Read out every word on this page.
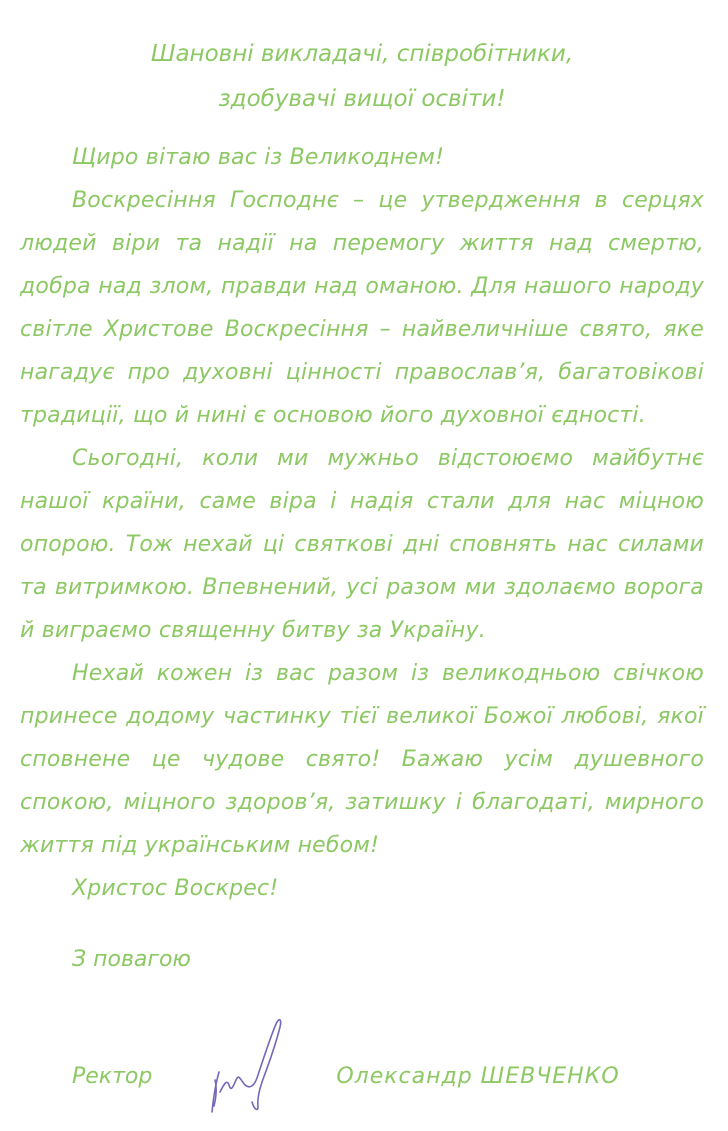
Шановні викладачі, співробітники,
здобувачі вищої освіти!

Щиро вітаю вас із Великоднем!

Воскресіння Господнє – це утвердження в серцях людей віри та надії на перемогу життя над смертю, добра над злом, правди над оманою. Для нашого народу світле Христове Воскресіння – найвеличніше свято, яке нагадує про духовні цінності православ’я, багатовікові традиції, що й нині є основою його духовної єдності.

Сьогодні, коли ми мужньо відстоюємо майбутнє нашої країни, саме віра і надія стали для нас міцною опорою. Тож нехай ці святкові дні сповнять нас силами та витримкою. Впевнений, усі разом ми здолаємо ворога й виграємо священну битву за Україну.

Нехай кожен із вас разом із великодньою свічкою принесе додому частинку тієї великої Божої любові, якої сповнене це чудове свято! Бажаю усім душевного спокою, міцного здоров’я, затишку і благодаті, мирного життя під українським небом!

Христос Воскрес!

З повагою
Ректор	Олександр ШЕВЧЕНКО
